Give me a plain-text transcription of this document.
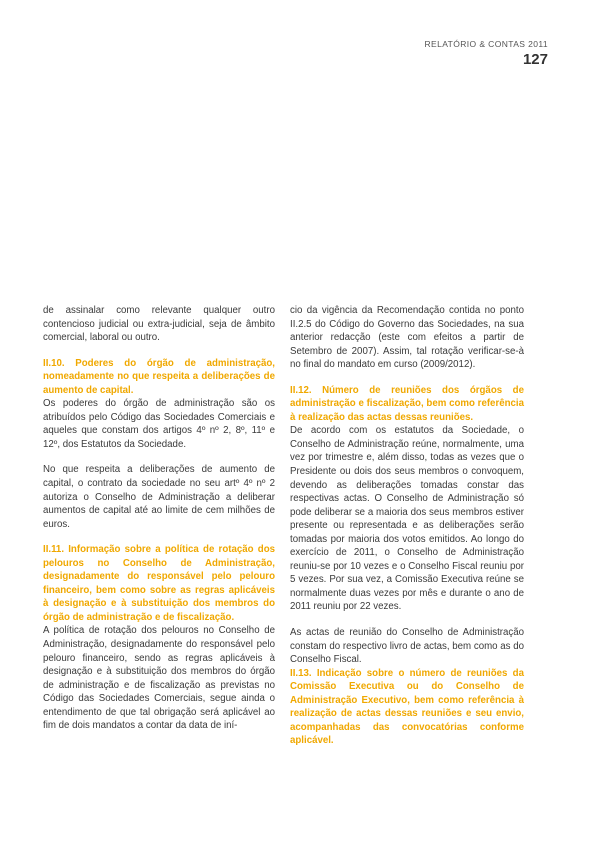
RELATÓRIO & CONTAS 2011
127

de assinalar como relevante qualquer outro contencioso judicial ou extra-judicial, seja de âmbito comercial, laboral ou outro.

II.10. Poderes do órgão de administração, nomeadamente no que respeita a deliberações de aumento de capital.

Os poderes do órgão de administração são os atribuídos pelo Código das Sociedades Comerciais e aqueles que constam dos artigos 4º nº 2, 8º, 11º e 12º, dos Estatutos da Sociedade.

No que respeita a deliberações de aumento de capital, o contrato da sociedade no seu artº 4º nº 2 autoriza o Conselho de Administração a deliberar aumentos de capital até ao limite de cem milhões de euros.

II.11. Informação sobre a política de rotação dos pelouros no Conselho de Administração, designadamente do responsável pelo pelouro financeiro, bem como sobre as regras aplicáveis à designação e à substituição dos membros do órgão de administração e de fiscalização.

A política de rotação dos pelouros no Conselho de Administração, designadamente do responsável pelo pelouro financeiro, sendo as regras aplicáveis à designação e à substituição dos membros do órgão de administração e de fiscalização as previstas no Código das Sociedades Comerciais, segue ainda o entendimento de que tal obrigação será aplicável ao fim de dois mandatos a contar da data de iní-

cio da vigência da Recomendação contida no ponto II.2.5 do Código do Governo das Sociedades, na sua anterior redacção (este com efeitos a partir de Setembro de 2007). Assim, tal rotação verificar-se-à no final do mandato em curso (2009/2012).

II.12. Número de reuniões dos órgãos de administração e fiscalização, bem como referência à realização das actas dessas reuniões.

De acordo com os estatutos da Sociedade, o Conselho de Administração reúne, normalmente, uma vez por trimestre e, além disso, todas as vezes que o Presidente ou dois dos seus membros o convoquem, devendo as deliberações tomadas constar das respectivas actas. O Conselho de Administração só pode deliberar se a maioria dos seus membros estiver presente ou representada e as deliberações serão tomadas por maioria dos votos emitidos. Ao longo do exercício de 2011, o Conselho de Administração reuniu-se por 10 vezes e o Conselho Fiscal reuniu por 5 vezes. Por sua vez, a Comissão Executiva reúne se normalmente duas vezes por mês e durante o ano de 2011 reuniu por 22 vezes.

As actas de reunião do Conselho de Administração constam do respectivo livro de actas, bem como as do Conselho Fiscal.

II.13. Indicação sobre o número de reuniões da Comissão Executiva ou do Conselho de Administração Executivo, bem como referência à realização de actas dessas reuniões e seu envio, acompanhadas das convocatórias conforme aplicável.
